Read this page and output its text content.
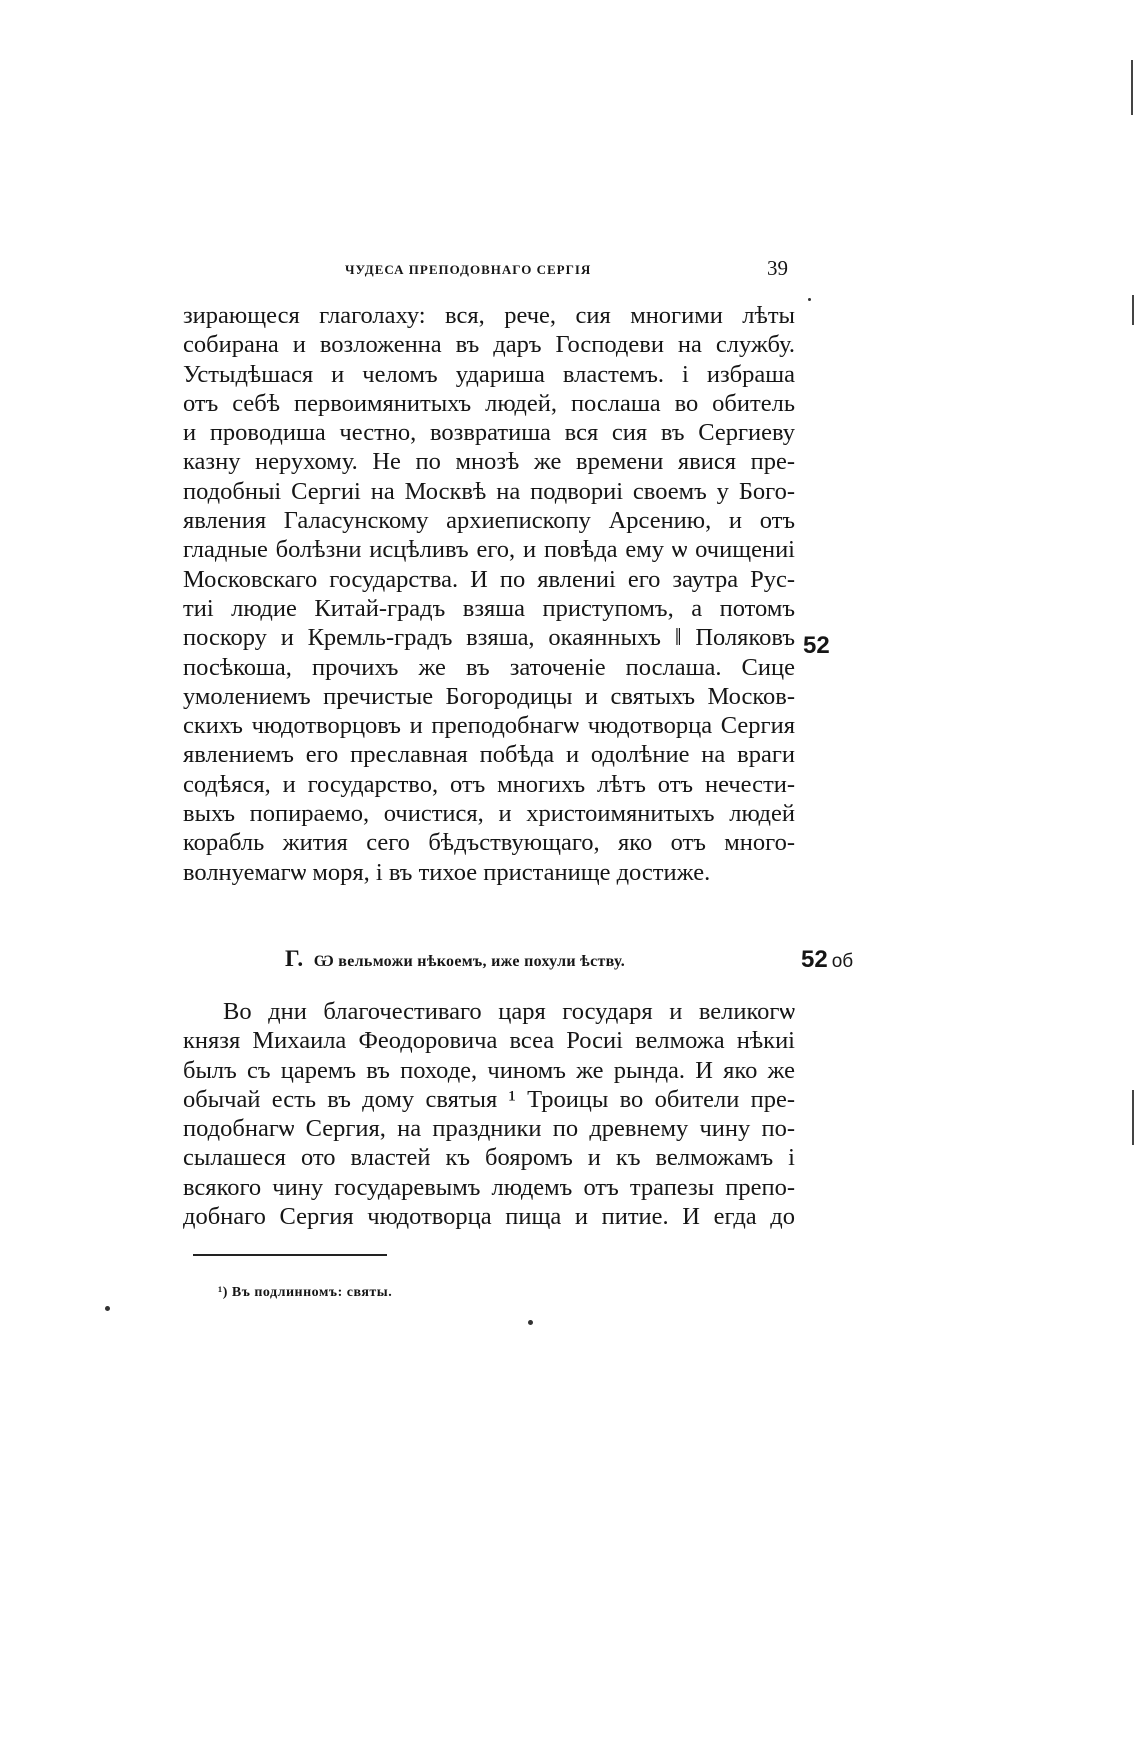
ЧУДЕСА ПРЕПОДОВНАГО СЕРГІЯ	39
зирающеся глаголаху: вся, рече, сия многими лѣты
собирана и возложенна въ даръ Господеви на службу.
Устыдѣшася и челомъ удариша властемъ. і избраша
отъ себѣ первоимянитыхъ людей, послаша во обитель
и проводиша честно, возвратиша вся сия въ Сергиеву
казну нерухому. Не по мнозѣ же времени явися пре-
подобныі Сергиі на Москвѣ на подвориі своемъ у Бого-
явления Галасунскому архиепископу Арсению, и отъ
гладные болѣзни исцѣливъ его, и повѣда ему ѡ очищениі
Московскаго государства. И по явлениі его заутра Рус-
тиі людие Китай-градъ взяша приступомъ, а потомъ
поскору и Кремль-градъ взяша, окаянныхъ ‖ Поляковъ
посѣкоша, прочихъ же въ заточеніе послаша. Сице
умолениемъ пречистые Богородицы и святыхъ Москов-
скихъ чюдотворцовъ и преподобнагѡ чюдотворца Сергия
явлениемъ его преславная побѣда и одолѣние на враги
содѣяся, и государство, отъ многихъ лѣтъ отъ нечести-
выхъ попираемо, очистися, и христоимянитыхъ людей
корабль жития сего бѣдъствующаго, яко отъ много-
волнуемагѡ моря, і въ тихое пристанище достиже.
52
Г. Ѡ вельможи нѣкоемъ, иже похули ѣству.	52 об
Во дни благочестиваго царя государя и великогѡ
князя Михаила Феодоровича всеа Росиі велможа нѣкиі
былъ съ царемъ въ походе, чиномъ же рында. И яко же
обычай есть въ дому святыя ¹ Троицы во обители пре-
подобнагѡ Сергия, на праздники по древнему чину по-
сылашеся ото властей къ бояромъ и къ велможамъ і
всякого чину государевымъ людемъ отъ трапезы препо-
добнаго Сергия чюдотворца пища и питие. И егда до
¹) Въ подлинномъ: святы.
